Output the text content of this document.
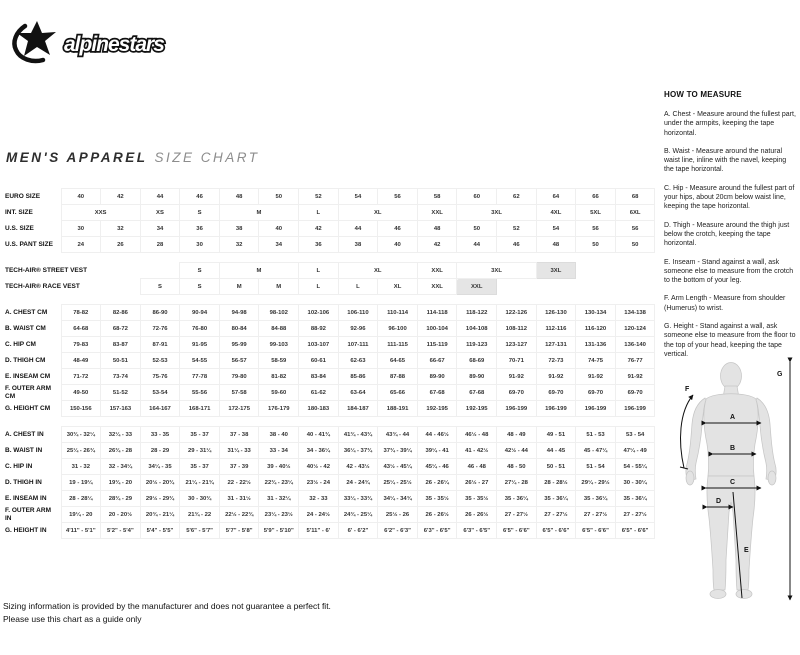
alpinestars
MEN'S APPAREL SIZE CHART
EURO SIZE	40	42	44	46	48	50	52	54	56	58	60	62	64	66	68
INT. SIZE	XXS		XS	S	M		L	XL		XXL	3XL		4XL	5XL	6XL
U.S. SIZE	30	32	34	36	38	40	42	44	46	48	50	52	54	56	56
U.S. PANT SIZE	24	26	28	30	32	34	36	38	40	42	44	46	48	50	50

TECH-AIR® STREET VEST				S	M		L	XL		XXL	3XL		3XL		
TECH-AIR® RACE VEST			S	S	M	M	L	L	XL	XXL	XXL				

A. CHEST CM	78-82	82-86	86-90	90-94	94-98	98-102	102-106	106-110	110-114	114-118	118-122	122-126	126-130	130-134	134-138
B. WAIST CM	64-68	68-72	72-76	76-80	80-84	84-88	88-92	92-96	96-100	100-104	104-108	108-112	112-116	116-120	120-124
C. HIP CM	79-83	83-87	87-91	91-95	95-99	99-103	103-107	107-111	111-115	115-119	119-123	123-127	127-131	131-136	136-140
D. THIGH CM	48-49	50-51	52-53	54-55	56-57	58-59	60-61	62-63	64-65	66-67	68-69	70-71	72-73	74-75	76-77
E. INSEAM CM	71-72	73-74	75-76	77-78	79-80	81-82	83-84	85-86	87-88	89-90	89-90	91-92	91-92	91-92	91-92
F. OUTER ARM CM	49-50	51-52	53-54	55-56	57-58	59-60	61-62	63-64	65-66	67-68	67-68	69-70	69-70	69-70	69-70
G. HEIGHT CM	150-156	157-163	164-167	168-171	172-175	176-179	180-183	184-187	188-191	192-195	192-195	196-199	196-199	196-199	196-199

A. CHEST IN	30¾ - 32¼	32¼ - 33	33 - 35	35 - 37	37 - 38	38 - 40	40 - 41¾	41¾ - 43¾	43¾ - 44	44 - 46½	46½ - 48	48 - 49	49 - 51	51 - 53	53 - 54
B. WAIST IN	25¼ - 26¾	26¾ - 28	28 - 29	29 - 31¼	31¼ - 33	33 - 34	34 - 36¼	36¼ - 37¾	37¾ - 39¼	39¼ - 41	41 - 42½	42½ - 44	44 - 45	45 - 47¼	47¼ - 49
C. HIP IN	31 - 32	32 - 34¼	34¼ - 35	35 - 37	37 - 39	39 - 40½	40½ - 42	42 - 43½	43½ - 45¼	45¼ - 46	46 - 48	48 - 50	50 - 51	51 - 54	54 - 55¼
D. THIGH IN	19 - 19¼	19¾ - 20	20½ - 20¾	21¼ - 21¾	22 - 22½	22¾ - 23¼	23½ - 24	24 - 24¾	25¼ - 25½	26 - 26¼	26½ - 27	27¼ - 28	28 - 28½	29¼ - 29½	30 - 30¼
E. INSEAM IN	28 - 28¼	28¾ - 29	29½ - 29¾	30 - 30¾	31 - 31½	31 - 32¼	32 - 33	33¼ - 33¾	34¼ - 34¾	35 - 35½	35 - 35½	35 - 36¼	35 - 36¼	35 - 36¼	35 - 36¼
F. OUTER ARM IN	19¼ - 20	20 - 20½	20¾ - 21¼	21¾ - 22	22½ - 22¾	23¼ - 23½	24 - 24½	24¾ - 25¼	25½ - 26	26 - 26½	26 - 26½	27 - 27½	27 - 27½	27 - 27½	27 - 27½
G. HEIGHT IN	4'11" - 5'1"	5'2" - 5'4"	5'4" - 5'5"	5'6" - 5'7"	5'7" - 5'8"	5'9" - 5'10"	5'11" - 6'	6' - 6'2"	6'2" - 6'3"	6'3" - 6'5"	6'3" - 6'5"	6'5" - 6'6"	6'5" - 6'6"	6'5" - 6'6"	6'5" - 6'6"
HOW TO MEASURE

A. Chest - Measure around the fullest part, under the armpits, keeping the tape horizontal.

B. Waist - Measure around the natural waist line, inline with the navel, keeping the tape horizontal.

C. Hip - Measure around the fullest part of your hips, about 20cm below waist line, keeping the tape horizontal.

D. Thigh - Measure around the thigh just below the crotch, keeping the tape horizontal.

E. Inseam - Stand against a wall, ask someone else to measure from the crotch to the bottom of your leg.

F. Arm Length - Measure from shoulder (Humerus) to wrist.

G. Height - Stand against a wall, ask someone else to measure from the floor to the top of your head, keeping the tape vertical.

A
B
C
D
E
F
G
Sizing information is provided by the manufacturer and does not guarantee a perfect fit.
Please use this chart as a guide only
